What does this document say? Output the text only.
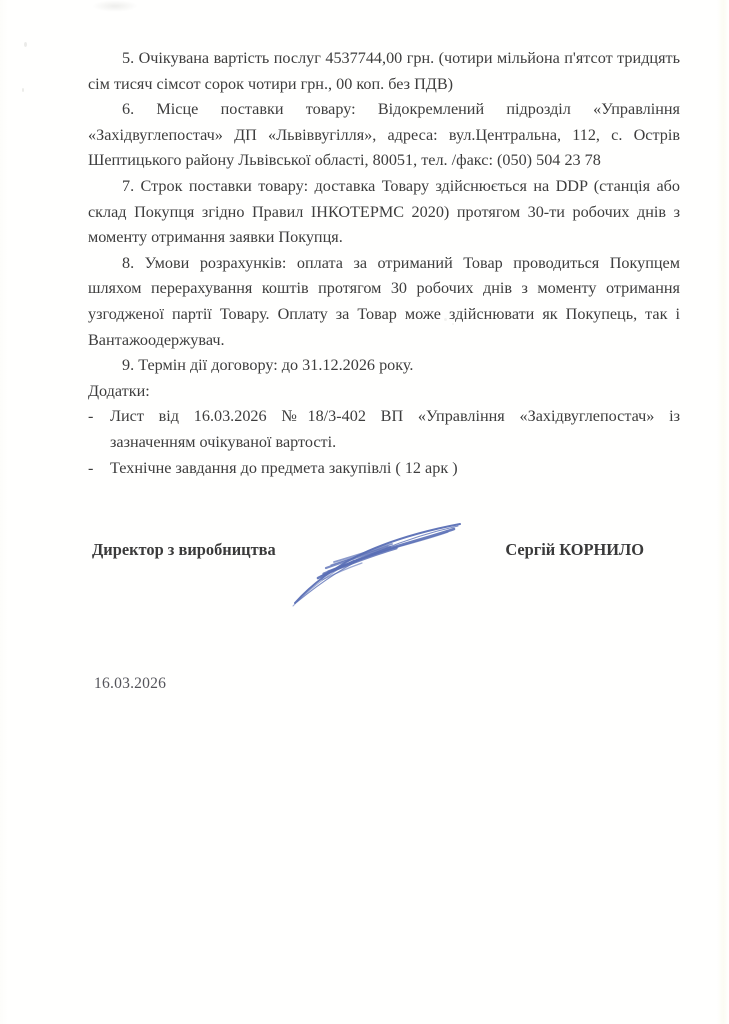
5. Очікувана вартість послуг 4537744,00 грн. (чотири мільйона п'ятсот тридцять сім тисяч сімсот сорок чотири грн., 00 коп. без ПДВ)

6. Місце поставки товару: Відокремлений підрозділ «Управління «Західвуглепостач» ДП «Львіввугілля», адреса: вул.Центральна, 112, с. Острів Шептицького району Львівської області, 80051, тел. /факс: (050) 504 23 78

7. Строк поставки товару: доставка Товару здійснюється на DDP (станція або склад Покупця згідно Правил ІНКОТЕРМС 2020) протягом 30-ти робочих днів з моменту отримання заявки Покупця.

8. Умови розрахунків: оплата за отриманий Товар проводиться Покупцем шляхом перерахування коштів протягом 30 робочих днів з моменту отримання узгодженої партії Товару. Оплату за Товар може здійснювати як Покупець, так і Вантажоодержувач.

9. Термін дії договору: до 31.12.2026 року.

Додатки:

- Лист від 16.03.2026 №18/3-402 ВП «Управління «Західвуглепостач» із зазначенням очікуваної вартості.
- Технічне завдання до предмета закупівлі ( 12 арк )
Директор з виробництва	Сергій КОРНИЛО
16.03.2026
